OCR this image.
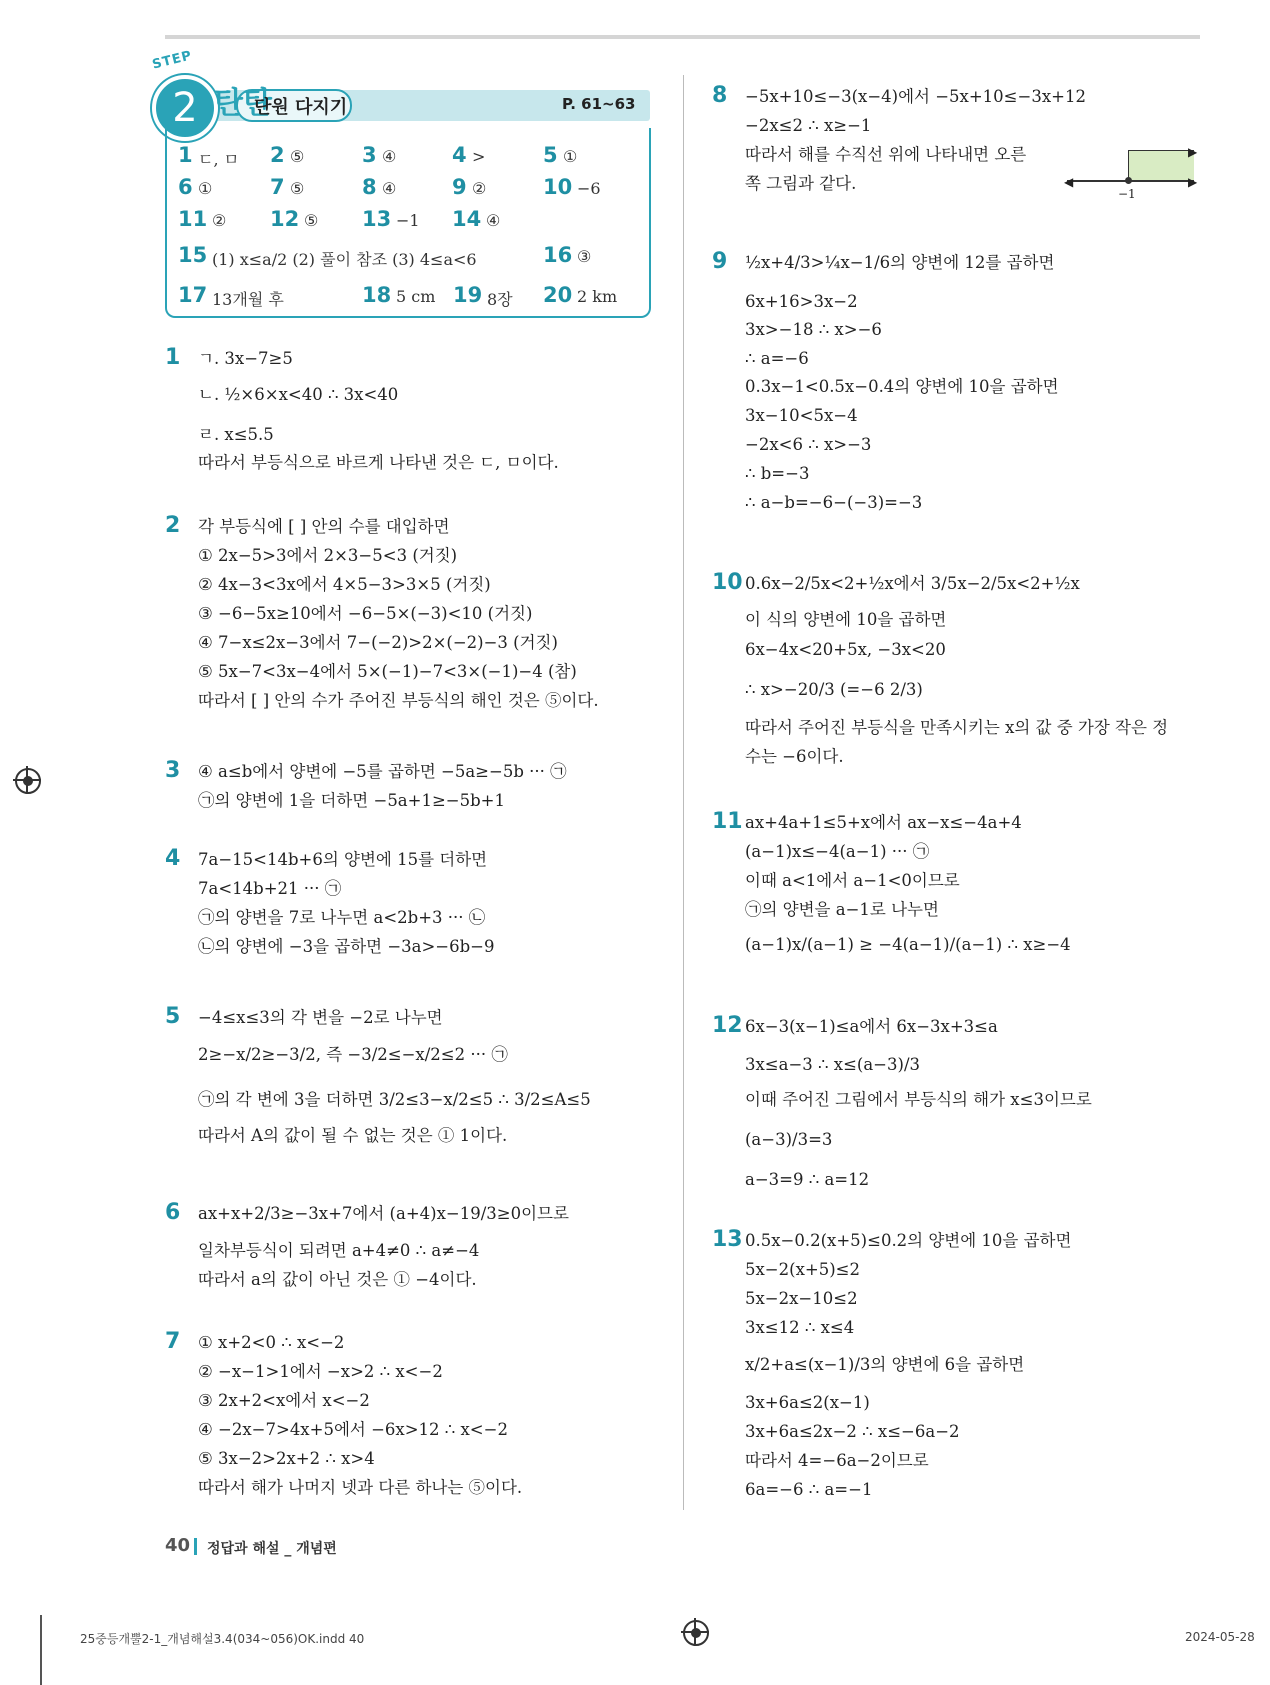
STEP
2 탄탄
단원 다지기	P. 61~63
1 ㄷ, ㅁ 2 ⑤	3 ④	4 >	5 ①
6 ①	7 ⑤	8 ④	9 ②	10 −6
11 ② 12 ⑤ 13 −1 14 ④
15 (1) x≤a/2 (2) 풀이 참조 (3) 4≤a<6	16 ③
17 13개월 후	18 5 cm 19 8장 20 2 km
1 ㄱ. 3x−7≥5
ㄴ. ½×6×x<40 ∴ 3x<40
ㄹ. x≤5.5
따라서 부등식으로 바르게 나타낸 것은 ㄷ, ㅁ이다.
2 각 부등식에 [ ] 안의 수를 대입하면
① 2x−5>3에서 2×3−5<3 (거짓)
② 4x−3<3x에서 4×5−3>3×5 (거짓)
③ −6−5x≥10에서 −6−5×(−3)<10 (거짓)
④ 7−x≤2x−3에서 7−(−2)>2×(−2)−3 (거짓)
⑤ 5x−7<3x−4에서 5×(−1)−7<3×(−1)−4 (참)
따라서 [ ] 안의 수가 주어진 부등식의 해인 것은 ⑤이다.
3 ④ a≤b에서 양변에 −5를 곱하면 −5a≥−5b ··· ㉠
㉠의 양변에 1을 더하면 −5a+1≥−5b+1
4 7a−15<14b+6의 양변에 15를 더하면
7a<14b+21 ··· ㉠
㉠의 양변을 7로 나누면 a<2b+3 ··· ㉡
㉡의 양변에 −3을 곱하면 −3a>−6b−9
5 −4≤x≤3의 각 변을 −2로 나누면
2≥−x/2≥−3/2, 즉 −3/2≤−x/2≤2 ··· ㉠
㉠의 각 변에 3을 더하면 3/2≤3−x/2≤5 ∴ 3/2≤A≤5
따라서 A의 값이 될 수 없는 것은 ① 1이다.
6 ax+x+2/3≥−3x+7에서 (a+4)x−19/3≥0이므로
일차부등식이 되려면 a+4≠0 ∴ a≠−4
따라서 a의 값이 아닌 것은 ① −4이다.
7 ① x+2<0 ∴ x<−2
② −x−1>1에서 −x>2 ∴ x<−2
③ 2x+2<x에서 x<−2
④ −2x−7>4x+5에서 −6x>12 ∴ x<−2
⑤ 3x−2>2x+2 ∴ x>4
따라서 해가 나머지 넷과 다른 하나는 ⑤이다.
8 −5x+10≤−3(x−4)에서 −5x+10≤−3x+12
−2x≤2 ∴ x≥−1
따라서 해를 수직선 위에 나타내면 오른
쪽 그림과 같다.
9 ½x+4/3>¼x−1/6의 양변에 12를 곱하면
6x+16>3x−2
3x>−18 ∴ x>−6
∴ a=−6
0.3x−1<0.5x−0.4의 양변에 10을 곱하면
3x−10<5x−4
−2x<6 ∴ x>−3
∴ b=−3
∴ a−b=−6−(−3)=−3
10 0.6x−2/5x<2+½x에서 3/5x−2/5x<2+½x
이 식의 양변에 10을 곱하면
6x−4x<20+5x, −3x<20
∴ x>−20/3 (=−6 2/3)
따라서 주어진 부등식을 만족시키는 x의 값 중 가장 작은 정
수는 −6이다.
11 ax+4a+1≤5+x에서 ax−x≤−4a+4
(a−1)x≤−4(a−1) ··· ㉠
이때 a<1에서 a−1<0이므로
㉠의 양변을 a−1로 나누면
(a−1)x/(a−1) ≥ −4(a−1)/(a−1) ∴ x≥−4
12 6x−3(x−1)≤a에서 6x−3x+3≤a
3x≤a−3 ∴ x≤(a−3)/3
이때 주어진 그림에서 부등식의 해가 x≤3이므로
(a−3)/3=3
a−3=9 ∴ a=12
13 0.5x−0.2(x+5)≤0.2의 양변에 10을 곱하면
5x−2(x+5)≤2
5x−2x−10≤2
3x≤12 ∴ x≤4
x/2+a≤(x−1)/3의 양변에 6을 곱하면
3x+6a≤2(x−1)
3x+6a≤2x−2 ∴ x≤−6a−2
따라서 4=−6a−2이므로
6a=−6 ∴ a=−1
◀	▶
▶
−1
40 정답과 해설 _ 개념편
25중등개뿔2-1_개념해설3.4(034~056)OK.indd 40	2024-05-28
